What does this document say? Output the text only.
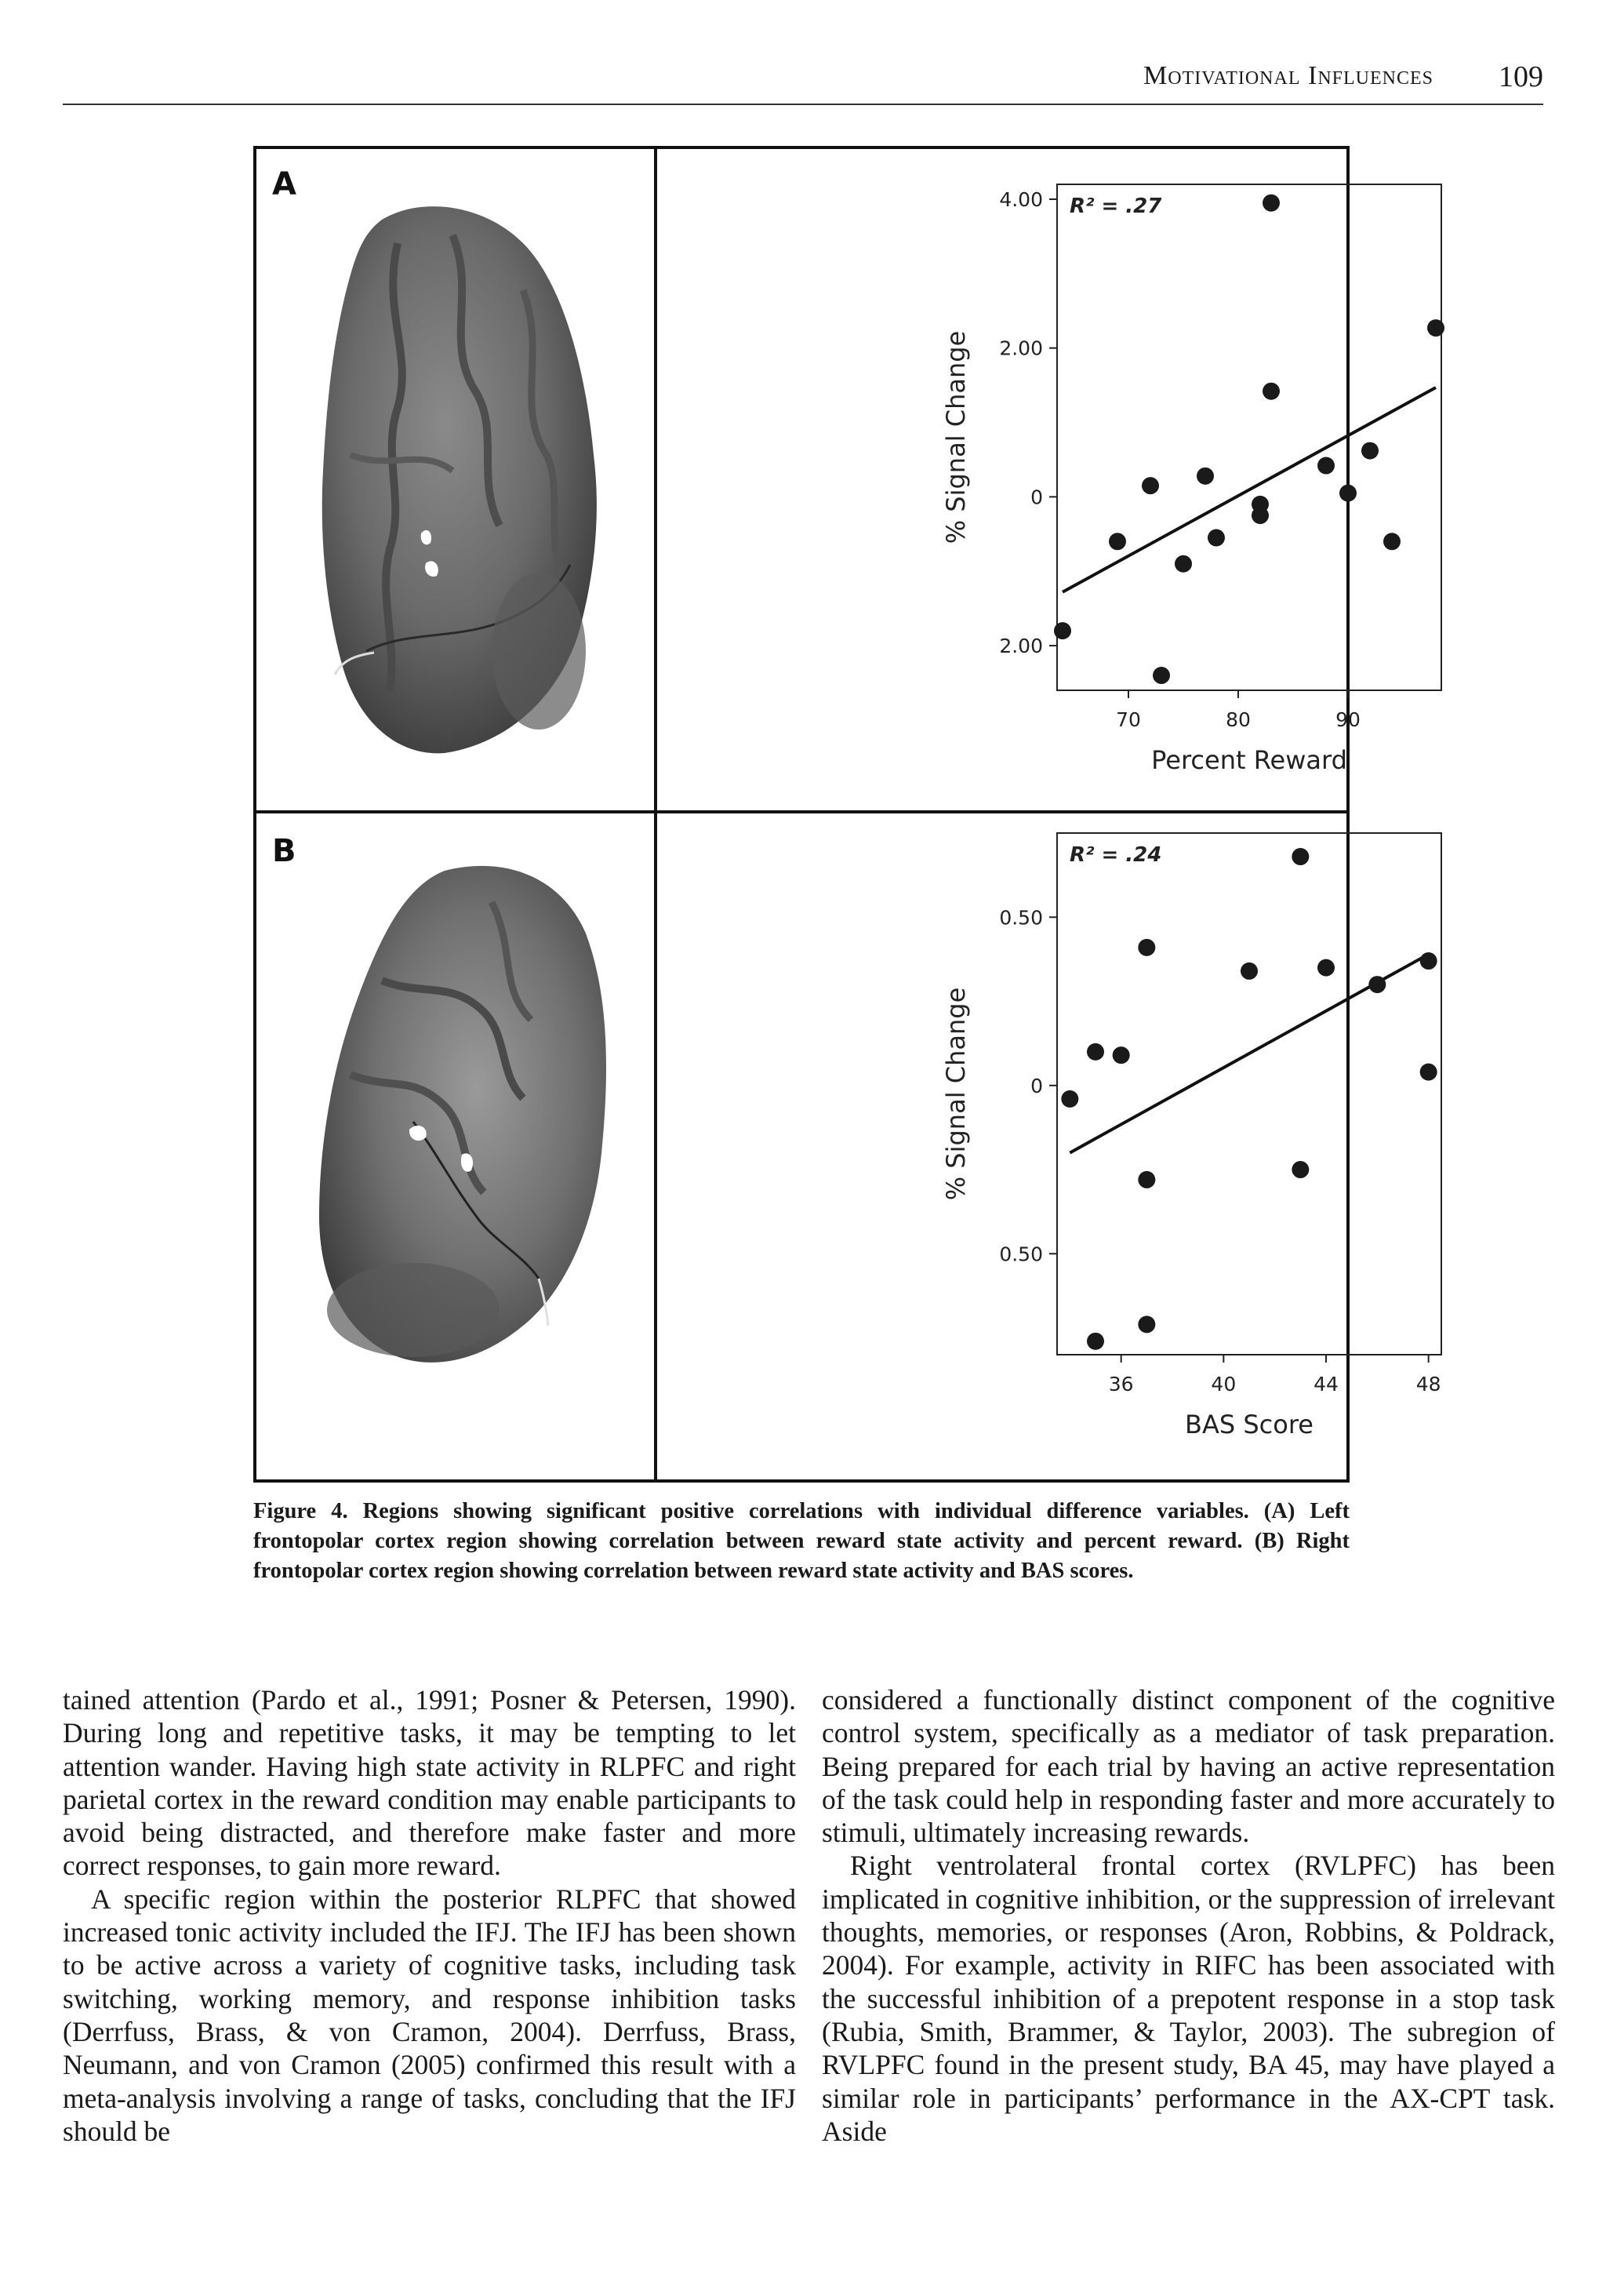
Motivational Influences 109
A
B
4.00
2.00
0
2.00
70	80	90
Percent Reward
% Signal Change
R² = .27
0.50
0
0.50
36	40	44	48
BAS Score
% Signal Change
R² = .24
Figure 4. Regions showing significant positive correlations with individual difference variables. (A) Left frontopolar cortex region showing correlation between reward state activity and percent reward. (B) Right frontopolar cortex region showing correlation between reward state activity and BAS scores.

tained attention (Pardo et al., 1991; Posner & Petersen, 1990). During long and repetitive tasks, it may be tempting to let attention wander. Having high state activity in RLPFC and right parietal cortex in the reward condition may enable participants to avoid being distracted, and therefore make faster and more correct responses, to gain more reward.

A specific region within the posterior RLPFC that showed increased tonic activity included the IFJ. The IFJ has been shown to be active across a variety of cognitive tasks, including task switching, working memory, and response inhibition tasks (Derrfuss, Brass, & von Cramon, 2004). Derrfuss, Brass, Neumann, and von Cramon (2005) confirmed this result with a meta-analysis involving a range of tasks, concluding that the IFJ should be

considered a functionally distinct component of the cognitive control system, specifically as a mediator of task preparation. Being prepared for each trial by having an active representation of the task could help in responding faster and more accurately to stimuli, ultimately increasing rewards.

Right ventrolateral frontal cortex (RVLPFC) has been implicated in cognitive inhibition, or the suppression of irrelevant thoughts, memories, or responses (Aron, Robbins, & Poldrack, 2004). For example, activity in RIFC has been associated with the successful inhibition of a prepotent response in a stop task (Rubia, Smith, Brammer, & Taylor, 2003). The subregion of RVLPFC found in the present study, BA 45, may have played a similar role in participants’ performance in the AX-CPT task. Aside
